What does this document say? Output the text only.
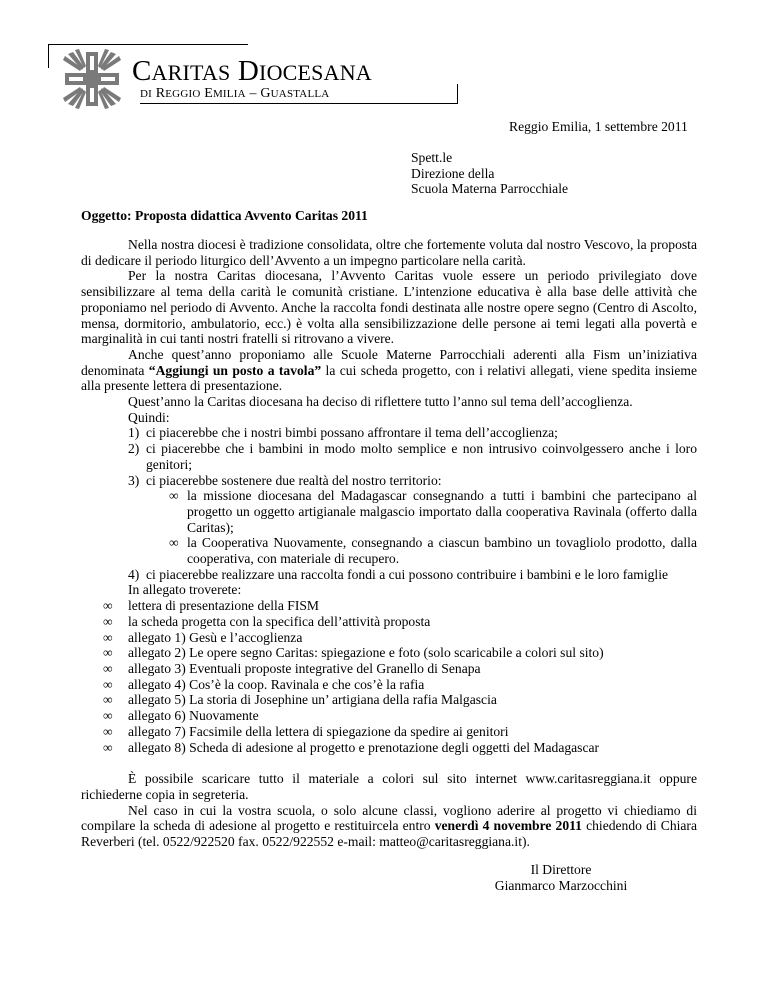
CARITAS DIOCESANA
DI REGGIO EMILIA – GUASTALLA
Reggio Emilia, 1 settembre 2011
Spett.le
Direzione della
Scuola Materna Parrocchiale
Oggetto: Proposta didattica Avvento Caritas 2011

Nella nostra diocesi è tradizione consolidata, oltre che fortemente voluta dal nostro Vescovo, la proposta di dedicare il periodo liturgico dell’Avvento a un impegno particolare nella carità.

Per la nostra Caritas diocesana, l’Avvento Caritas vuole essere un periodo privilegiato dove sensibilizzare al tema della carità le comunità cristiane. L’intenzione educativa è alla base delle attività che proponiamo nel periodo di Avvento. Anche la raccolta fondi destinata alle nostre opere segno (Centro di Ascolto, mensa, dormitorio, ambulatorio, ecc.) è volta alla sensibilizzazione delle persone ai temi legati alla povertà e marginalità in cui tanti nostri fratelli si ritrovano a vivere.

Anche quest’anno proponiamo alle Scuole Materne Parrocchiali aderenti alla Fism un’iniziativa denominata “Aggiungi un posto a tavola” la cui scheda progetto, con i relativi allegati, viene spedita insieme alla presente lettera di presentazione.

Quest’anno la Caritas diocesana ha deciso di riflettere tutto l’anno sul tema dell’accoglienza.

Quindi:

1) ci piacerebbe che i nostri bimbi possano affrontare il tema dell’accoglienza;
2) ci piacerebbe che i bambini in modo molto semplice e non intrusivo coinvolgessero anche i loro genitori;
3) ci piacerebbe sostenere due realtà del nostro territorio:
∞ la missione diocesana del Madagascar consegnando a tutti i bambini che partecipano al progetto un oggetto artigianale malgascio importato dalla cooperativa Ravinala (offerto dalla Caritas);
∞ la Cooperativa Nuovamente, consegnando a ciascun bambino un tovagliolo prodotto, dalla cooperativa, con materiale di recupero.
4) ci piacerebbe realizzare una raccolta fondi a cui possono contribuire i bambini e le loro famiglie

In allegato troverete:

∞ lettera di presentazione della FISM
∞ la scheda progetta con la specifica dell’attività proposta
∞ allegato 1) Gesù e l’accoglienza
∞ allegato 2) Le opere segno Caritas: spiegazione e foto (solo scaricabile a colori sul sito)
∞ allegato 3) Eventuali proposte integrative del Granello di Senapa
∞ allegato 4) Cos’è la coop. Ravinala e che cos’è la rafia
∞ allegato 5) La storia di Josephine un’ artigiana della rafia Malgascia
∞ allegato 6) Nuovamente
∞ allegato 7) Facsimile della lettera di spiegazione da spedire ai genitori
∞ allegato 8) Scheda di adesione al progetto e prenotazione degli oggetti del Madagascar

È possibile scaricare tutto il materiale a colori sul sito internet www.caritasreggiana.it oppure richiederne copia in segreteria.

Nel caso in cui la vostra scuola, o solo alcune classi, vogliono aderire al progetto vi chiediamo di compilare la scheda di adesione al progetto e restituircela entro venerdì 4 novembre 2011 chiedendo di Chiara Reverberi (tel. 0522/922520 fax. 0522/922552 e-mail: matteo@caritasreggiana.it).

Il Direttore
Gianmarco Marzocchini
